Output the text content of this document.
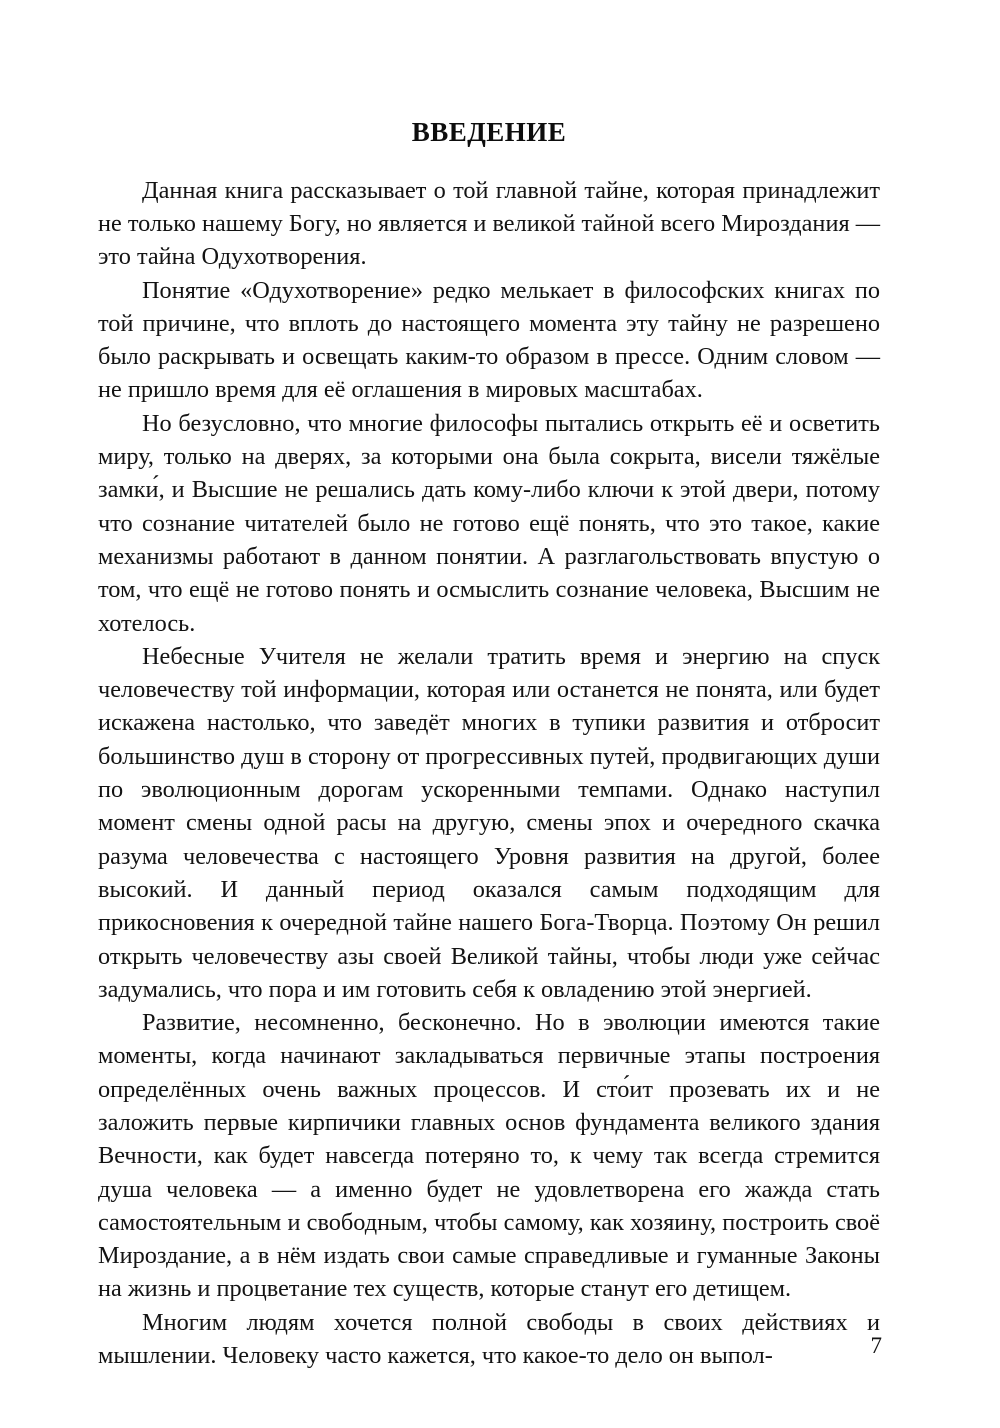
ВВЕДЕНИЕ

Данная книга рассказывает о той главной тайне, которая принадлежит не только нашему Богу, но является и великой тайной всего Мироздания — это тайна Одухотворения.

Понятие «Одухотворение» редко мелькает в философских книгах по той причине, что вплоть до настоящего момента эту тайну не разрешено было раскрывать и освещать каким-то образом в прессе. Одним словом — не пришло время для её оглашения в мировых масштабах.

Но безусловно, что многие философы пытались открыть её и осветить миру, только на дверях, за которыми она была сокрыта, висели тяжёлые замки́, и Высшие не решались дать кому-либо ключи к этой двери, потому что сознание читателей было не готово ещё понять, что это такое, какие механизмы работают в данном понятии. А разглагольствовать впустую о том, что ещё не готово понять и осмыслить сознание человека, Высшим не хотелось.

Небесные Учителя не желали тратить время и энергию на спуск человечеству той информации, которая или останется не понята, или будет искажена настолько, что заведёт многих в тупики развития и отбросит большинство душ в сторону от прогрессивных путей, продвигающих души по эволюционным дорогам ускоренными темпами. Однако наступил момент смены одной расы на другую, смены эпох и очередного скачка разума человечества с настоящего Уровня развития на другой, более высокий. И данный период оказался самым подходящим для прикосновения к очередной тайне нашего Бога-Творца. Поэтому Он решил открыть человечеству азы своей Великой тайны, чтобы люди уже сейчас задумались, что пора и им готовить себя к овладению этой энергией.

Развитие, несомненно, бесконечно. Но в эволюции имеются такие моменты, когда начинают закладываться первичные этапы построения определённых очень важных процессов. И сто́ит прозевать их и не заложить первые кирпичики главных основ фундамента великого здания Вечности, как будет навсегда потеряно то, к чему так всегда стремится душа человека — а именно будет не удовлетворена его жажда стать самостоятельным и свободным, чтобы самому, как хозяину, построить своё Мироздание, а в нём издать свои самые справедливые и гуманные Законы на жизнь и процветание тех существ, которые станут его детищем.

Многим людям хочется полной свободы в своих действиях и мышлении. Человеку часто кажется, что какое-то дело он выпол-	7
